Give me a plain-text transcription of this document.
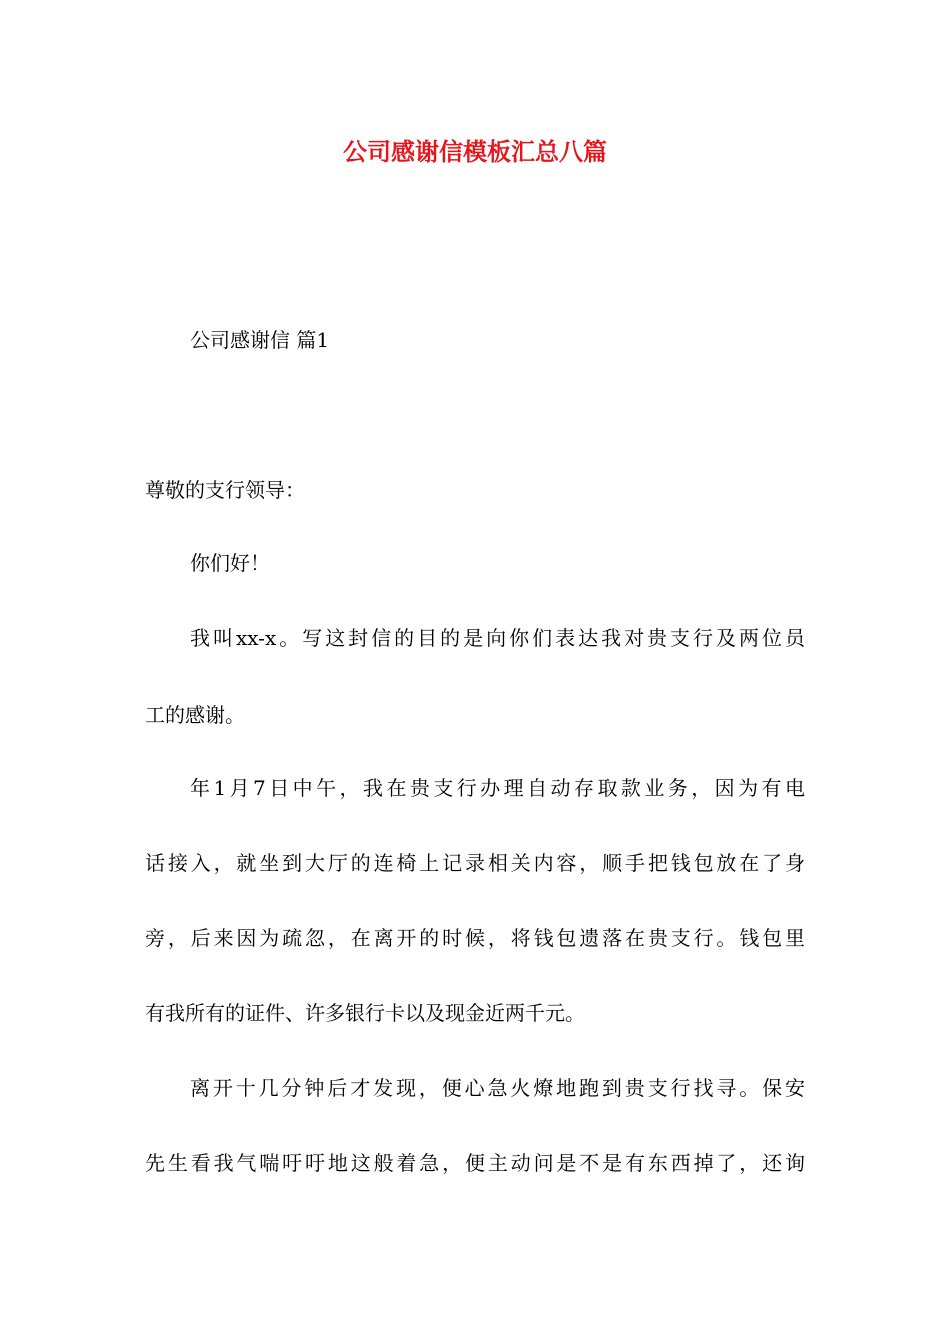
公司感谢信模板汇总八篇

公司感谢信 篇1

尊敬的支行领导：

你们好！

我叫xx-x。写这封信的目的是向你们表达我对贵支行及两位员

工的感谢。

年1月7日中午，我在贵支行办理自动存取款业务，因为有电

话接入，就坐到大厅的连椅上记录相关内容，顺手把钱包放在了身

旁，后来因为疏忽，在离开的时候，将钱包遗落在贵支行。钱包里

有我所有的证件、许多银行卡以及现金近两千元。

离开十几分钟后才发现，便心急火燎地跑到贵支行找寻。保安

先生看我气喘吁吁地这般着急，便主动问是不是有东西掉了，还询
